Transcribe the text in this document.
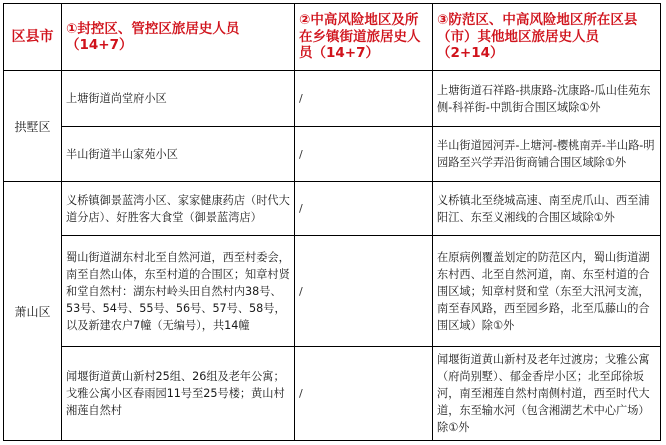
区县市	①封控区、管控区旅居史人员（14+7）	②中高风险地区及所在乡镇街道旅居史人员（14+7）	③防范区、中高风险地区所在区县（市）其他地区旅居史人员（2+14）
拱墅区	上塘街道尚堂府小区	/	上塘街道石祥路-拱康路-沈康路-瓜山佳苑东侧-科祥街-中凯街合围区域除①外
	半山街道半山家苑小区	/	半山街道园河弄-上塘河-樱桃南弄-半山路-明园路至兴学弄沿街商铺合围区域除①外
萧山区	义桥镇御景蓝湾小区、家家健康药店（时代大道分店）、好胜客大食堂（御景蓝湾店）	/	义桥镇北至绕城高速、南至虎爪山、西至浦阳江、东至义湘线的合围区域除①外
	蜀山街道湖东村北至自然河道，西至村委会，南至自然山体，东至村道的合围区；知章村贤和堂自然村：湖东村岭头田自然村内38号、53号、54号、55号、56号、57号、58号，以及新建农户7幢（无编号），共14幢	/	在原病例覆盖划定的防范区内，蜀山街道湖东村西、北至自然河道，南、东至村道的合围区域；知章村贤和堂（东至大汛河支流，南至春风路，西至园乡路，北至瓜藤山的合围区域）除①外
	闻堰街道黄山新村25组、26组及老年公寓；戈雅公寓小区春雨园11号至25号楼；黄山村湘莲自然村	/	闻堰街道黄山新村及老年过渡房；戈雅公寓（府尚别墅）、郁金香岸小区；北至邱徐坂河，南至湘莲自然村南侧村道，西至时代大道，东至输水河（包含湘湖艺术中心广场）除①外
